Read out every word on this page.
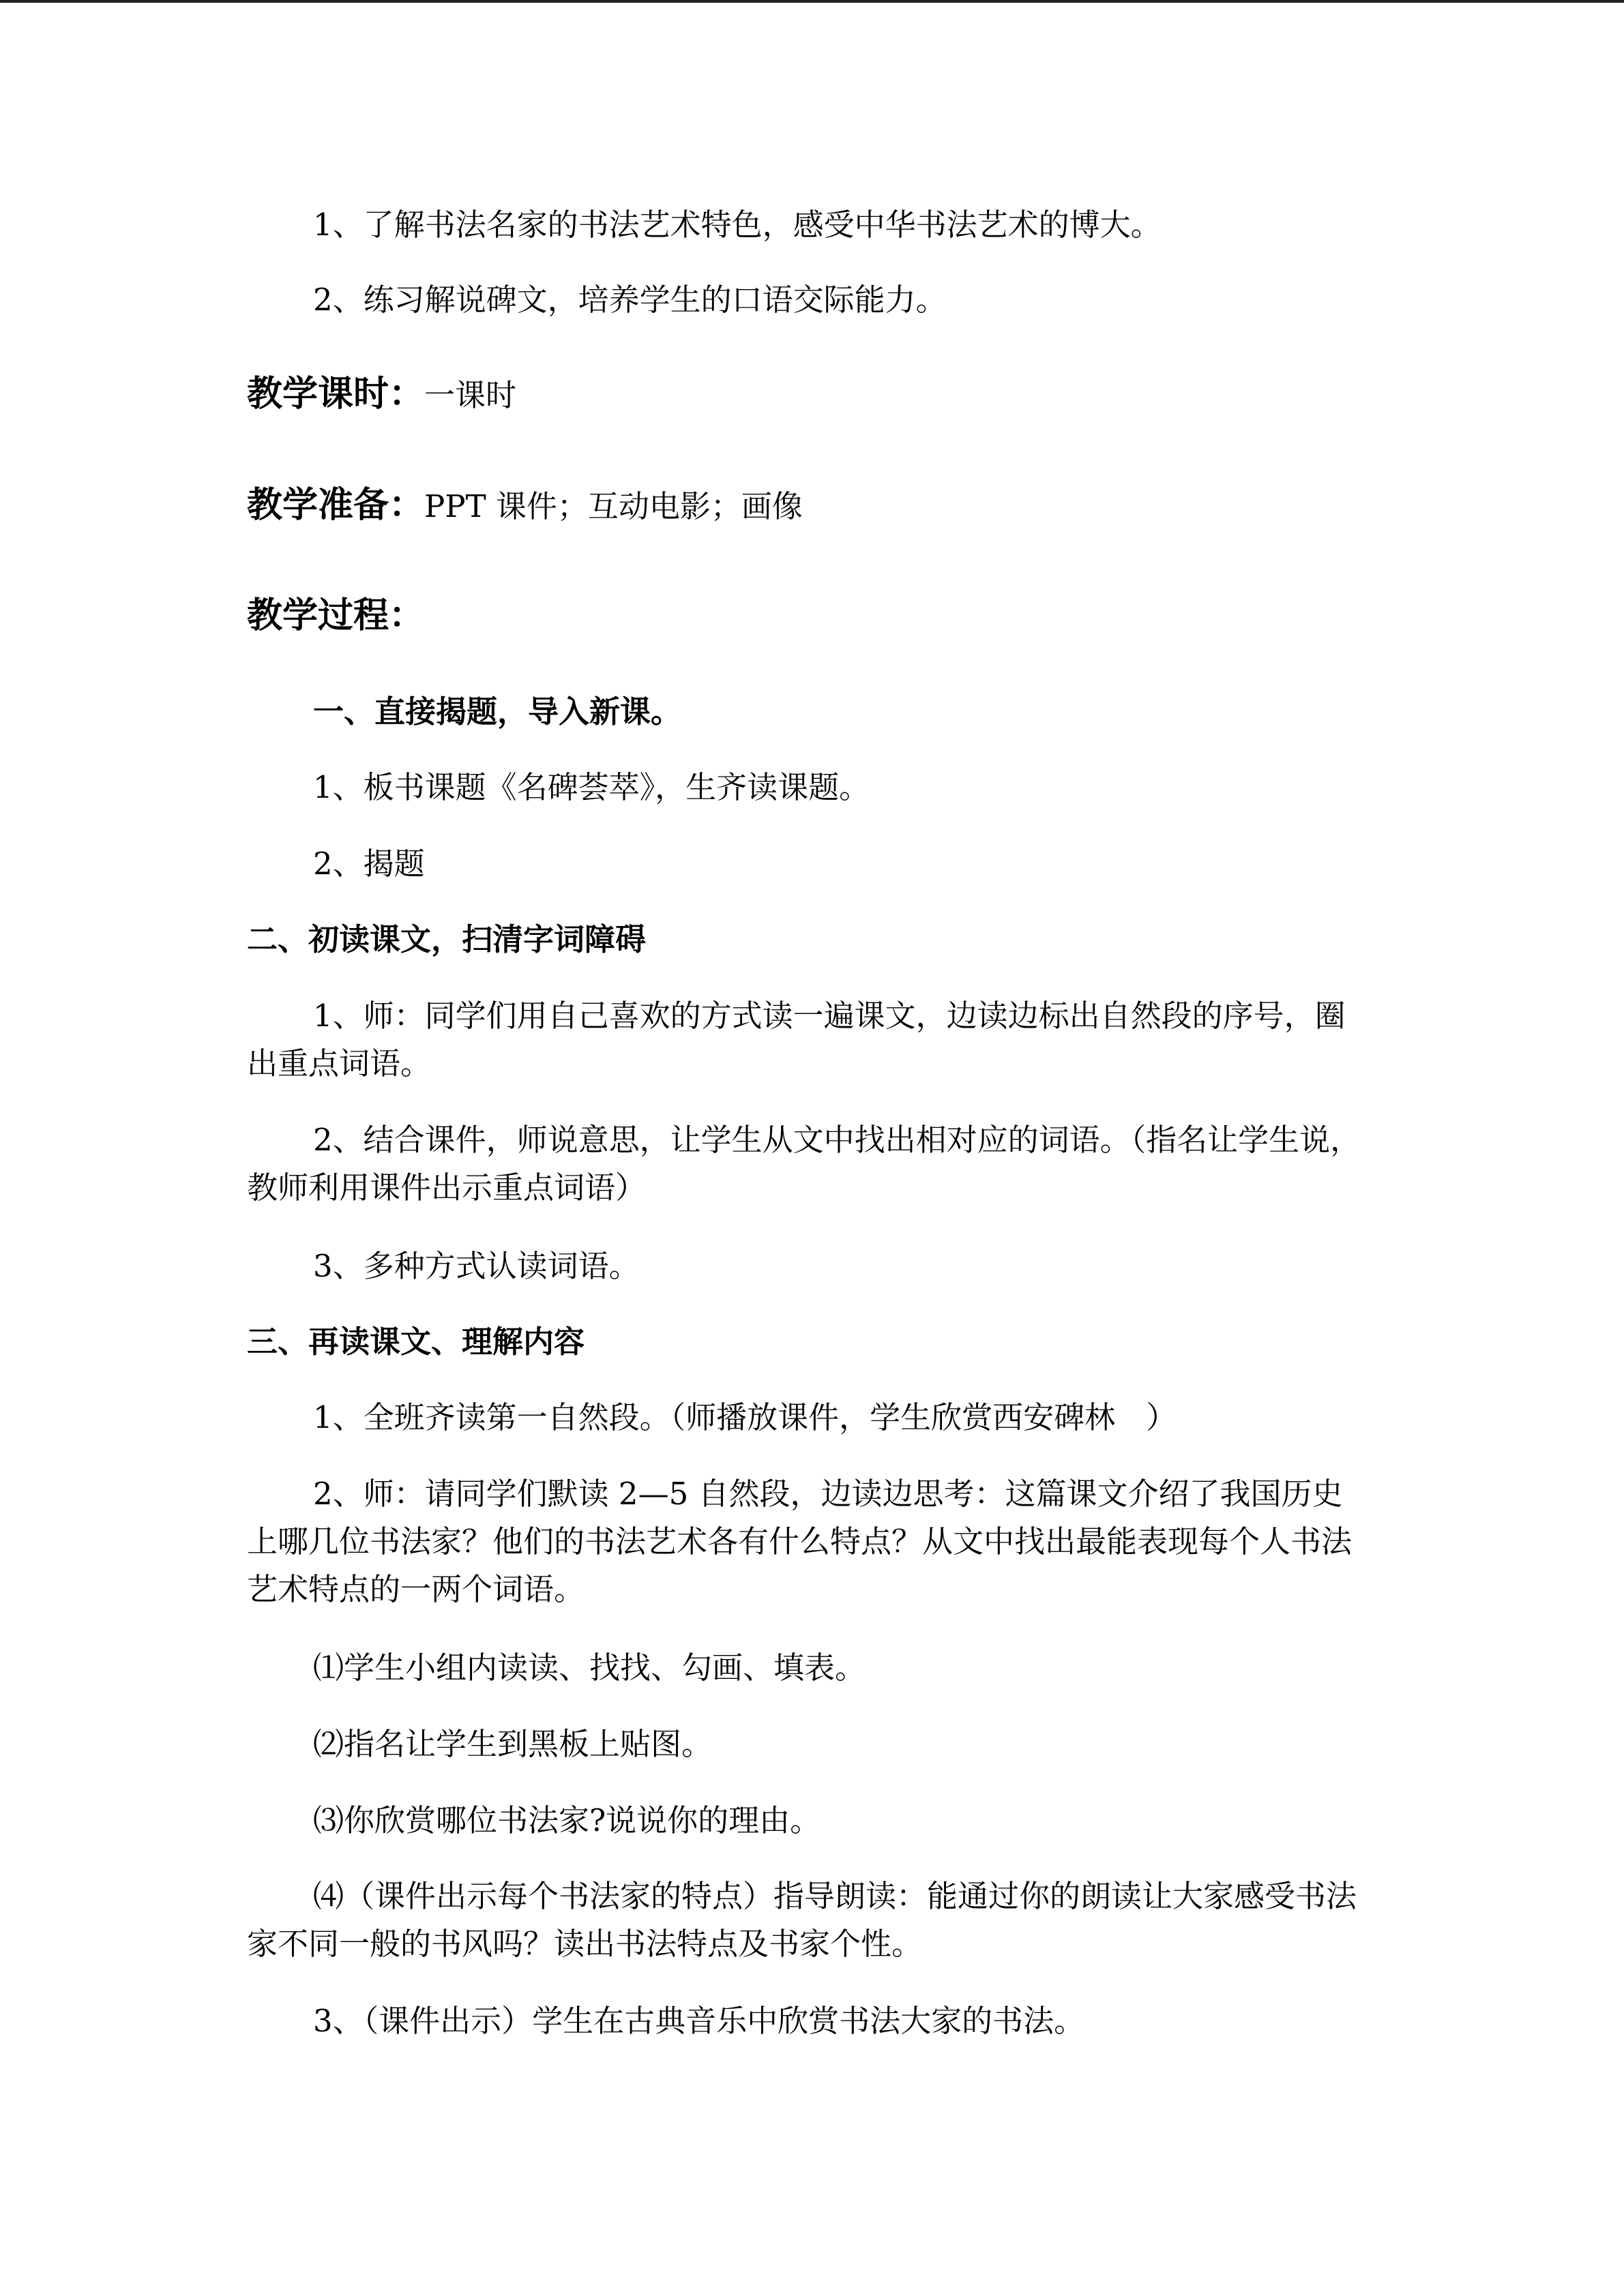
1、了解书法名家的书法艺术特色，感受中华书法艺术的博大。
2、练习解说碑文，培养学生的口语交际能力。
教学课时：一课时
教学准备：PPT 课件；互动电影；画像
教学过程：
一、直接揭题，导入新课。
1、板书课题《名碑荟萃》，生齐读课题。
2、揭题
二、初读课文，扫清字词障碍
1、师：同学们用自己喜欢的方式读一遍课文，边读边标出自然段的序号，圈出重点词语。
2、结合课件，师说意思，让学生从文中找出相对应的词语。（指名让学生说，教师利用课件出示重点词语）
3、多种方式认读词语。
三、再读课文、理解内容
1、全班齐读第一自然段。（师播放课件，学生欣赏西安碑林　）
2、师：请同学们默读 2—5 自然段，边读边思考：这篇课文介绍了我国历史上哪几位书法家？他们的书法艺术各有什么特点？从文中找出最能表现每个人书法艺术特点的一两个词语。
⑴学生小组内读读、找找、勾画、填表。
⑵指名让学生到黑板上贴图。
⑶你欣赏哪位书法家?说说你的理由。
⑷（课件出示每个书法家的特点）指导朗读：能通过你的朗读让大家感受书法家不同一般的书风吗？读出书法特点及书家个性。
3、（课件出示）学生在古典音乐中欣赏书法大家的书法。
